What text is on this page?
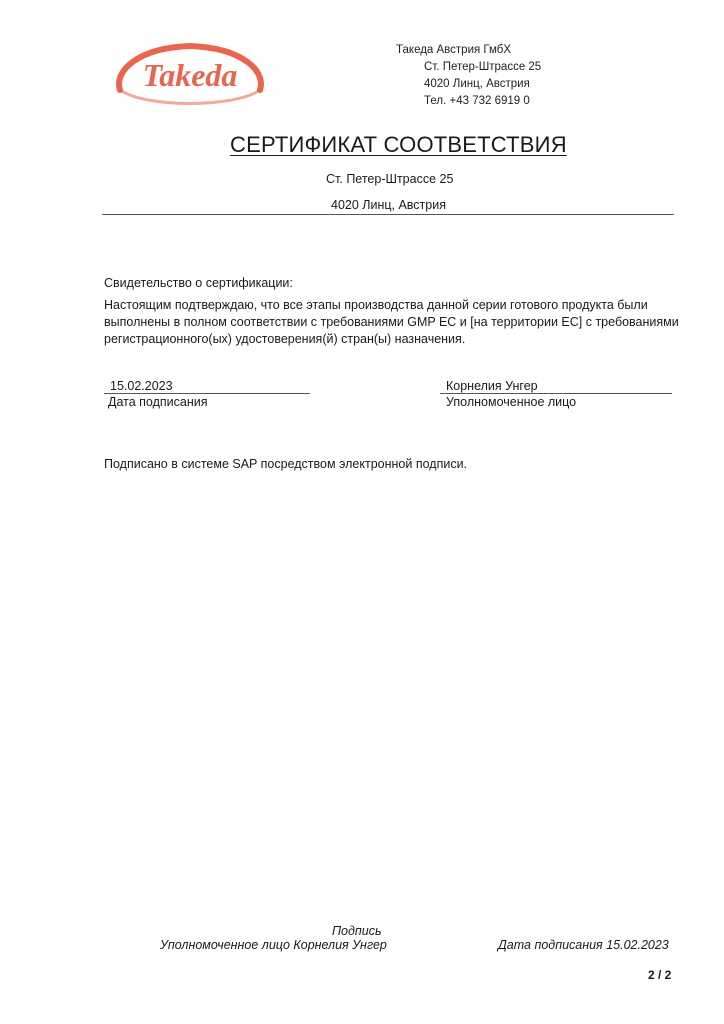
Takeda
Такеда Австрия ГмбХ
Ст. Петер-Штрассе 25
4020 Линц, Австрия
Тел. +43 732 6919 0
СЕРТИФИКАТ СООТВЕТСТВИЯ
Ст. Петер-Штрассе 25
4020 Линц, Австрия
Свидетельство о сертификации:
Настоящим подтверждаю, что все этапы производства данной серии готового продукта были
выполнены в полном соответствии с требованиями GMP ЕС и [на территории ЕС] с требованиями
регистрационного(ых) удостоверения(й) стран(ы) назначения.
15.02.2023
Дата подписания
Корнелия Унгер
Уполномоченное лицо
Подписано в системе SAP посредством электронной подписи.
Подпись
Уполномоченное лицо Корнелия Унгер	Дата подписания 15.02.2023
2 / 2
